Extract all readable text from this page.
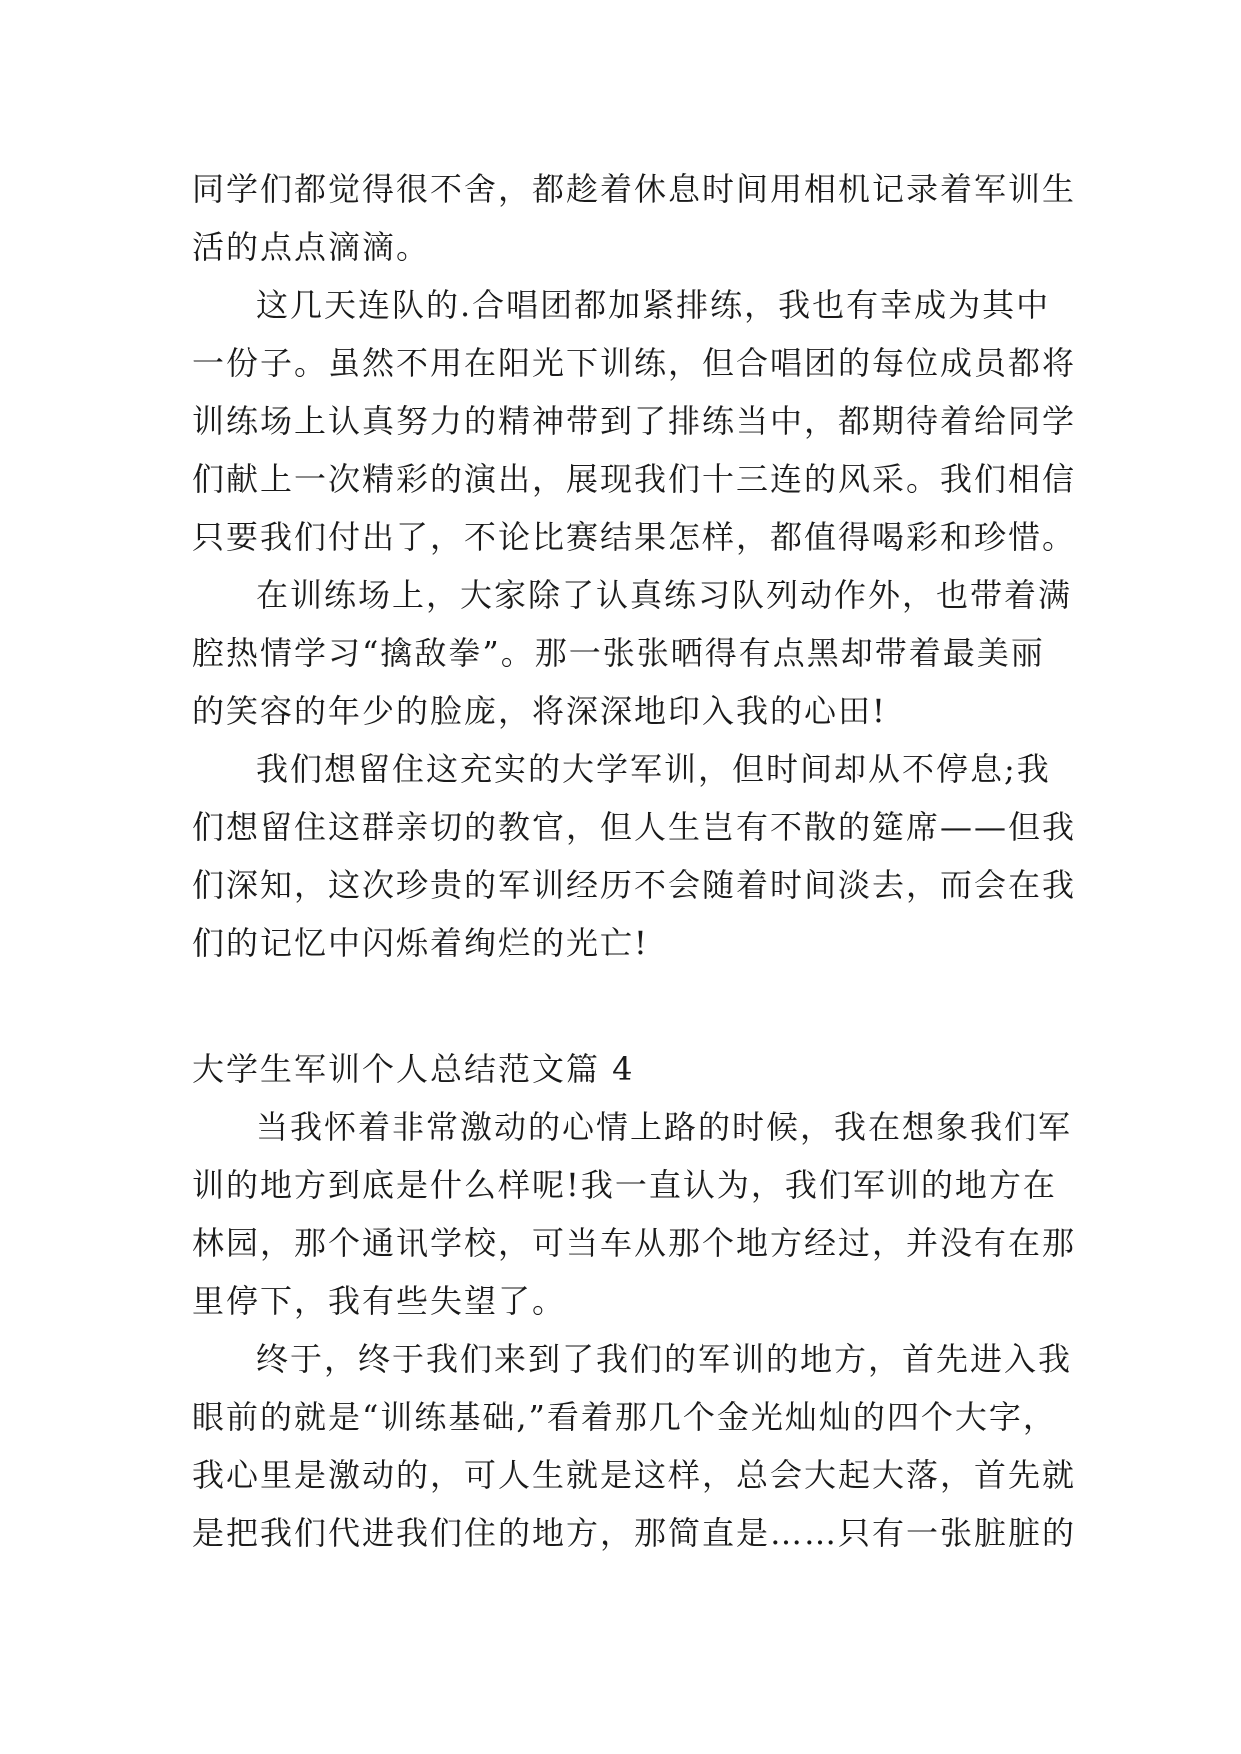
同学们都觉得很不舍，都趁着休息时间用相机记录着军训生
活的点点滴滴。
这几天连队的.合唱团都加紧排练，我也有幸成为其中
一份子。虽然不用在阳光下训练，但合唱团的每位成员都将
训练场上认真努力的精神带到了排练当中，都期待着给同学
们献上一次精彩的演出，展现我们十三连的风采。我们相信
只要我们付出了，不论比赛结果怎样，都值得喝彩和珍惜。
在训练场上，大家除了认真练习队列动作外，也带着满
腔热情学习“擒敌拳”。那一张张晒得有点黑却带着最美丽
的笑容的年少的脸庞，将深深地印入我的心田!
我们想留住这充实的大学军训，但时间却从不停息;我
们想留住这群亲切的教官，但人生岂有不散的筵席——但我
们深知，这次珍贵的军训经历不会随着时间淡去，而会在我
们的记忆中闪烁着绚烂的光亡!
大学生军训个人总结范文篇 4
当我怀着非常激动的心情上路的时候，我在想象我们军
训的地方到底是什么样呢!我一直认为，我们军训的地方在
林园，那个通讯学校，可当车从那个地方经过，并没有在那
里停下，我有些失望了。
终于，终于我们来到了我们的军训的地方，首先进入我
眼前的就是“训练基础,”看着那几个金光灿灿的四个大字，
我心里是激动的，可人生就是这样，总会大起大落，首先就
是把我们代进我们住的地方，那简直是……只有一张脏脏的
